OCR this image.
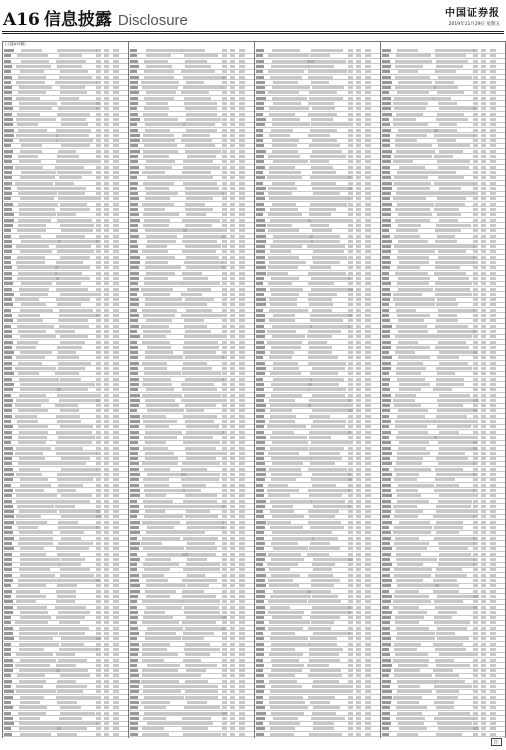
A16 信息披露 Disclosure	中国证券报
2019年11月29日 星期五
(上接A15版)
注:
